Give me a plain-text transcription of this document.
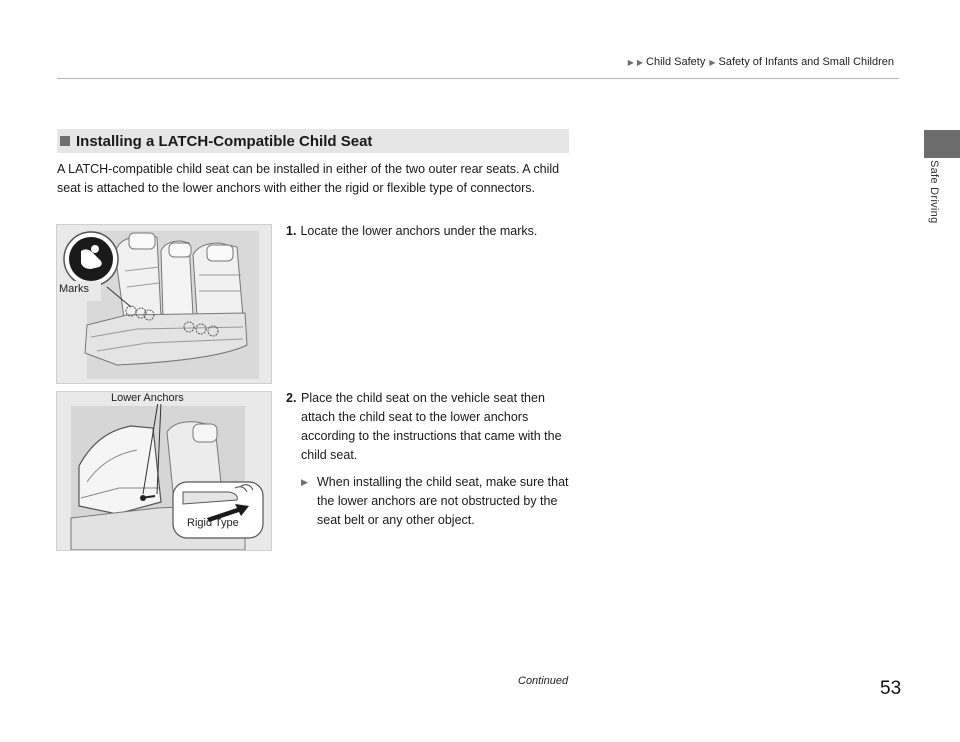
▶ ▶ Child Safety ▶ Safety of Infants and Small Children
Safe Driving
Installing a LATCH-Compatible Child Seat
A LATCH-compatible child seat can be installed in either of the two outer rear seats. A child seat is attached to the lower anchors with either the rigid or flexible type of connectors.
Marks
Lower Anchors
Rigid Type
1. Locate the lower anchors under the marks.
2. Place the child seat on the vehicle seat then attach the child seat to the lower anchors according to the instructions that came with the child seat.
▶ When installing the child seat, make sure that the lower anchors are not obstructed by the seat belt or any other object.
Continued	53
